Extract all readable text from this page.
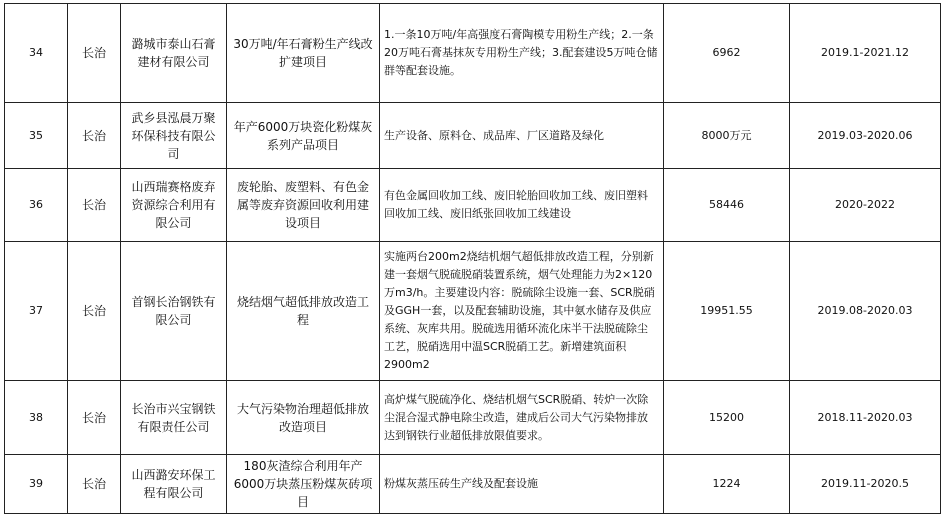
34	长治	潞城市泰山石膏建材有限公司	30万吨/年石膏粉生产线改扩建项目	1.一条10万吨/年高强度石膏陶模专用粉生产线；2.一条20万吨石膏基抹灰专用粉生产线；3.配套建设5万吨仓储群等配套设施。	6962	2019.1-2021.12
35	长治	武乡县泓晨万聚环保科技有限公司	年产6000万块瓷化粉煤灰系列产品项目	生产设备、原料仓、成品库、厂区道路及绿化	8000万元	2019.03-2020.06
36	长治	山西瑞赛格废弃资源综合利用有限公司	废轮胎、废塑料、有色金属等废弃资源回收利用建设项目	有色金属回收加工线、废旧轮胎回收加工线、废旧塑料回收加工线、废旧纸张回收加工线建设	58446	2020-2022
37	长治	首钢长治钢铁有限公司	烧结烟气超低排放改造工程	实施两台200m2烧结机烟气超低排放改造工程，分别新建一套烟气脱硫脱硝装置系统，烟气处理能力为2×120万m3/h。主要建设内容：脱硫除尘设施一套、SCR脱硝及GGH一套，以及配套辅助设施，其中氨水储存及供应系统、灰库共用。脱硫选用循环流化床半干法脱硫除尘工艺，脱硝选用中温SCR脱硝工艺。新增建筑面积2900m2	19951.55	2019.08-2020.03
38	长治	长治市兴宝钢铁有限责任公司	大气污染物治理超低排放改造项目	高炉煤气脱硫净化、烧结机烟气SCR脱硝、转炉一次除尘混合湿式静电除尘改造，建成后公司大气污染物排放达到钢铁行业超低排放限值要求。	15200	2018.11-2020.03
39	长治	山西潞安环保工程有限公司	180灰渣综合利用年产6000万块蒸压粉煤灰砖项目	粉煤灰蒸压砖生产线及配套设施	1224	2019.11-2020.5
